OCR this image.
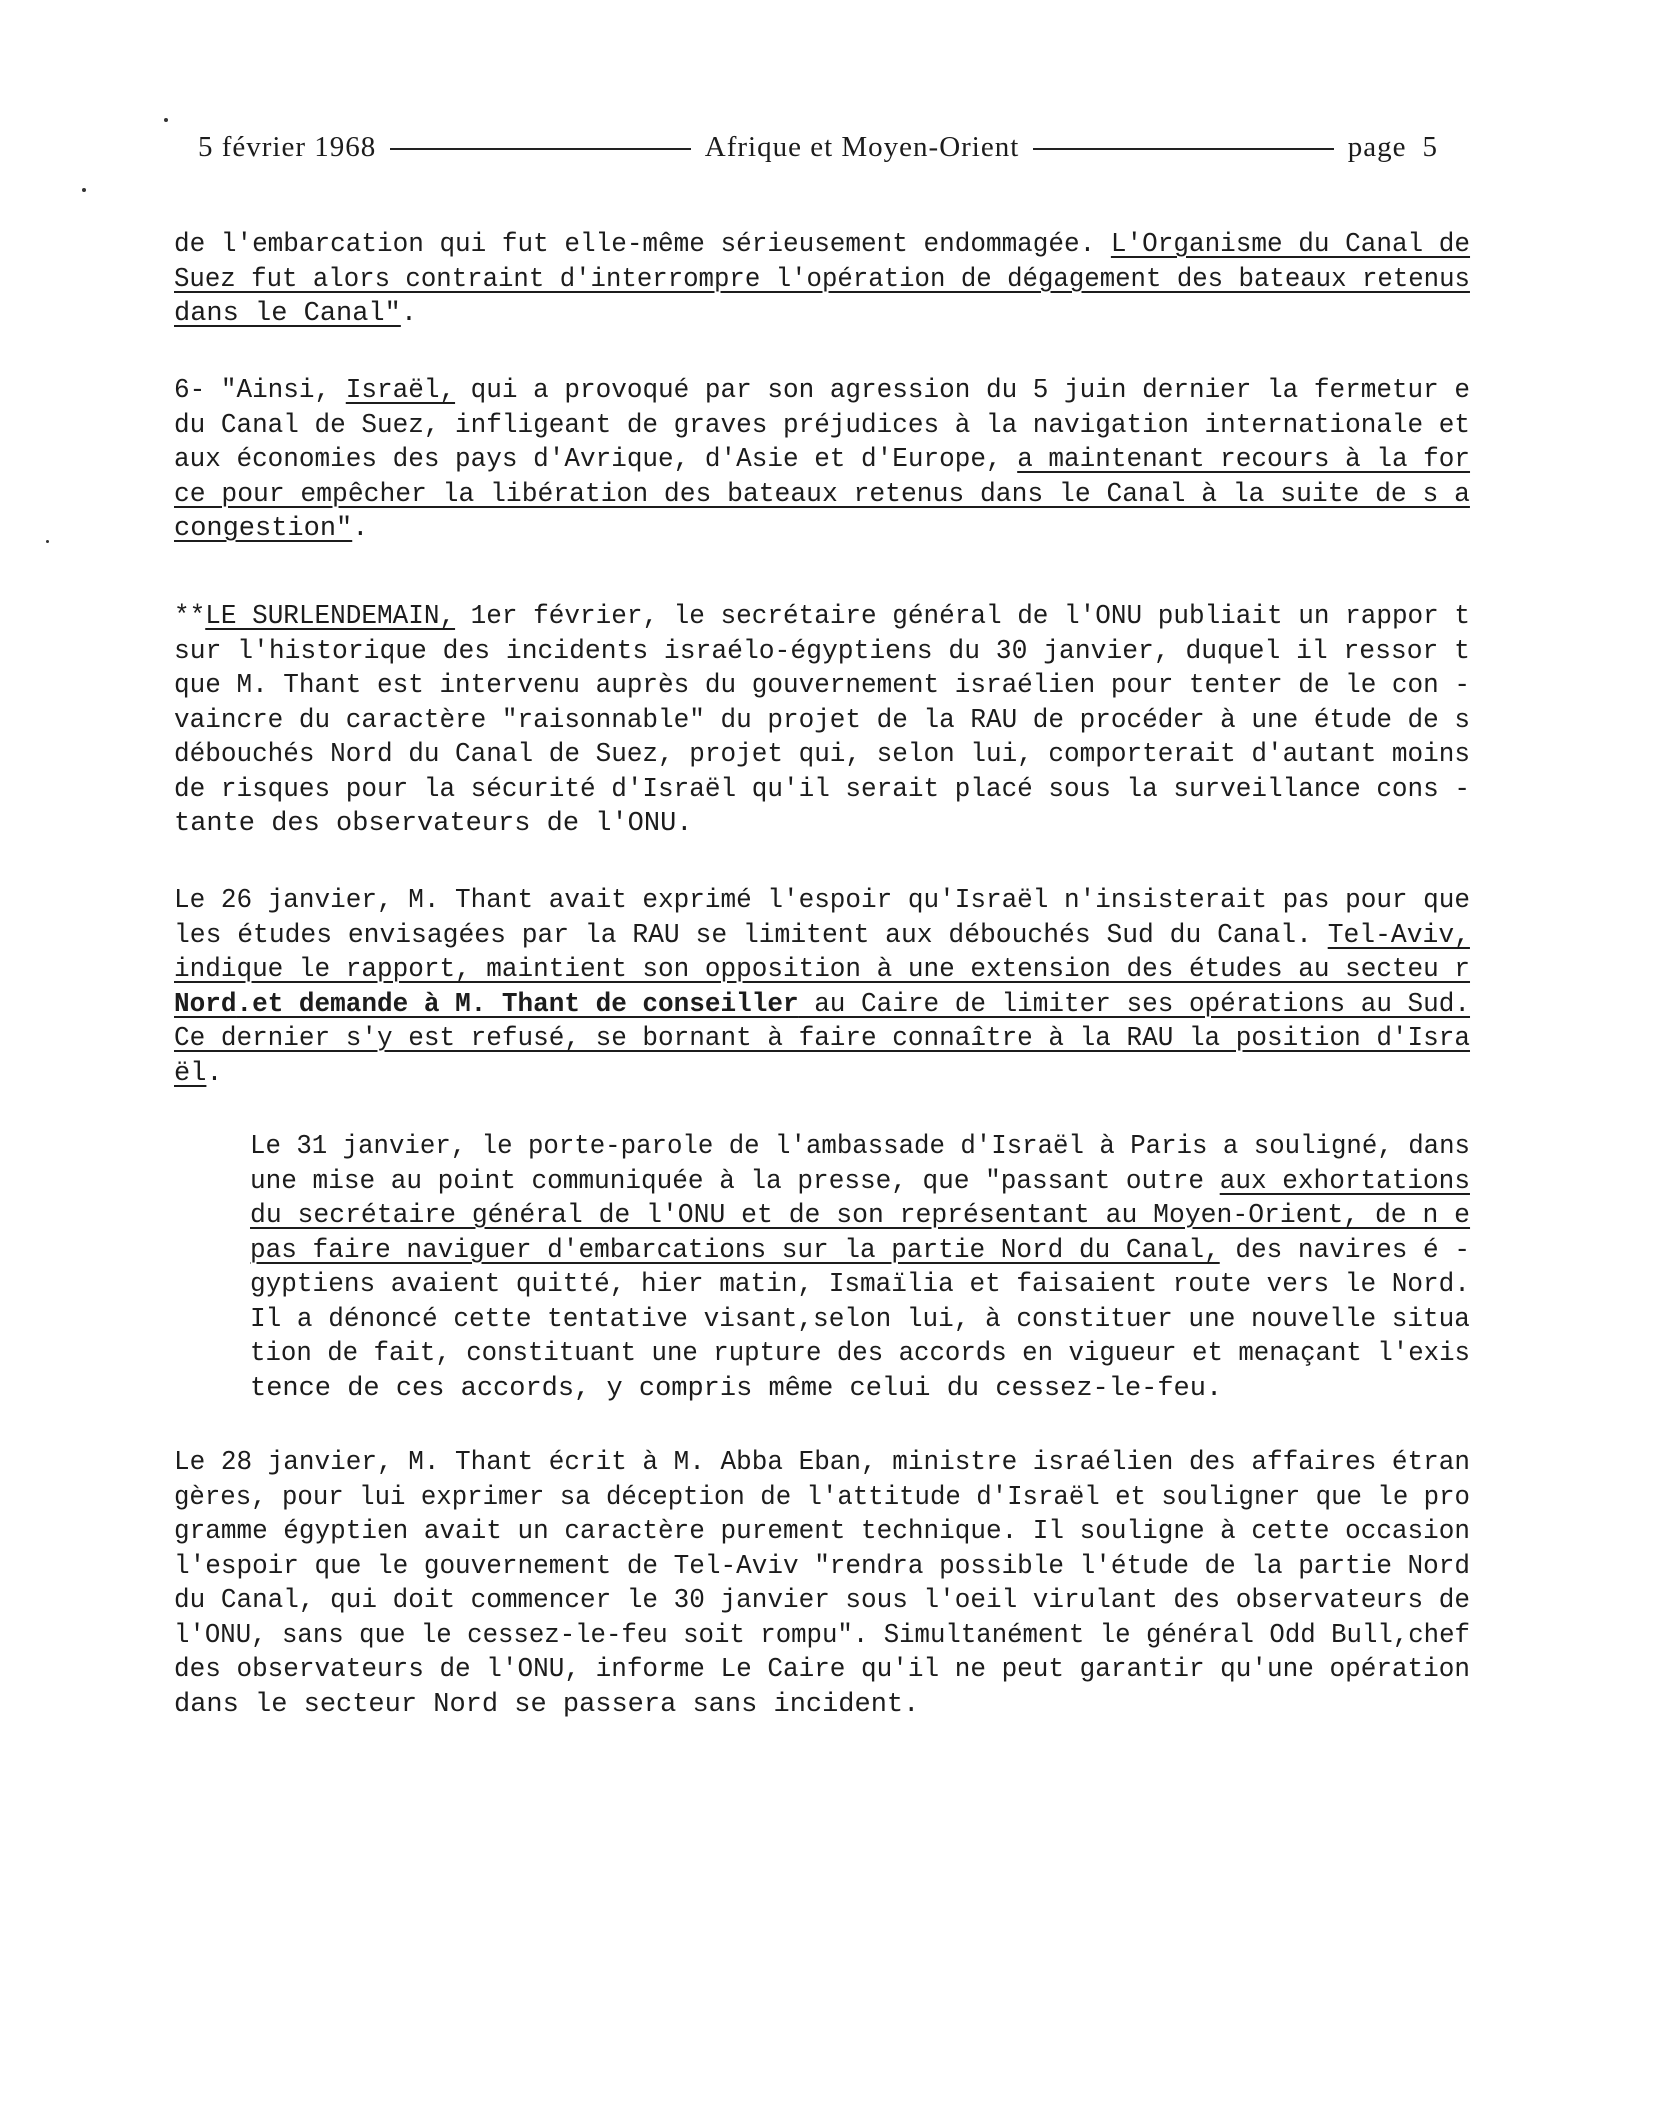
5 février 1968	Afrique et Moyen-Orient	page 5
de l'embarcation qui fut elle-même sérieusement endommagée. L'Organisme du Canal de
Suez fut alors contraint d'interrompre l'opération de dégagement des bateaux retenus
dans le Canal".
6- "Ainsi, Israël, qui a provoqué par son agression du 5 juin dernier la fermetur e
du Canal de Suez, infligeant de graves préjudices à la navigation internationale et
aux économies des pays d'Avrique, d'Asie et d'Europe, a maintenant recours à la for
ce pour empêcher la libération des bateaux retenus dans le Canal à la suite de s a
congestion".
**LE SURLENDEMAIN, 1er février, le secrétaire général de l'ONU publiait un rappor t
sur l'historique des incidents israélo-égyptiens du 30 janvier, duquel il ressor t
que M. Thant est intervenu auprès du gouvernement israélien pour tenter de le con -
vaincre du caractère "raisonnable" du projet de la RAU de procéder à une étude de s
débouchés Nord du Canal de Suez, projet qui, selon lui, comporterait d'autant moins
de risques pour la sécurité d'Israël qu'il serait placé sous la surveillance cons -
tante des observateurs de l'ONU.
Le 26 janvier, M. Thant avait exprimé l'espoir qu'Israël n'insisterait pas pour que
les études envisagées par la RAU se limitent aux débouchés Sud du Canal. Tel-Aviv,
indique le rapport, maintient son opposition à une extension des études au secteu r
Nord.et demande à M. Thant de conseiller au Caire de limiter ses opérations au Sud.
Ce dernier s'y est refusé, se bornant à faire connaître à la RAU la position d'Isra
ël.
Le 31 janvier, le porte-parole de l'ambassade d'Israël à Paris a souligné, dans
une mise au point communiquée à la presse, que "passant outre aux exhortations
du secrétaire général de l'ONU et de son représentant au Moyen-Orient, de n e
pas faire naviguer d'embarcations sur la partie Nord du Canal, des navires é -
gyptiens avaient quitté, hier matin, Ismaïlia et faisaient route vers le Nord.
Il a dénoncé cette tentative visant,selon lui, à constituer une nouvelle situa
tion de fait, constituant une rupture des accords en vigueur et menaçant l'exis
tence de ces accords, y compris même celui du cessez-le-feu.
Le 28 janvier, M. Thant écrit à M. Abba Eban, ministre israélien des affaires étran
gères, pour lui exprimer sa déception de l'attitude d'Israël et souligner que le pro
gramme égyptien avait un caractère purement technique. Il souligne à cette occasion
l'espoir que le gouvernement de Tel-Aviv "rendra possible l'étude de la partie Nord
du Canal, qui doit commencer le 30 janvier sous l'oeil virulant des observateurs de
l'ONU, sans que le cessez-le-feu soit rompu". Simultanément le général Odd Bull,chef
des observateurs de l'ONU, informe Le Caire qu'il ne peut garantir qu'une opération
dans le secteur Nord se passera sans incident.
